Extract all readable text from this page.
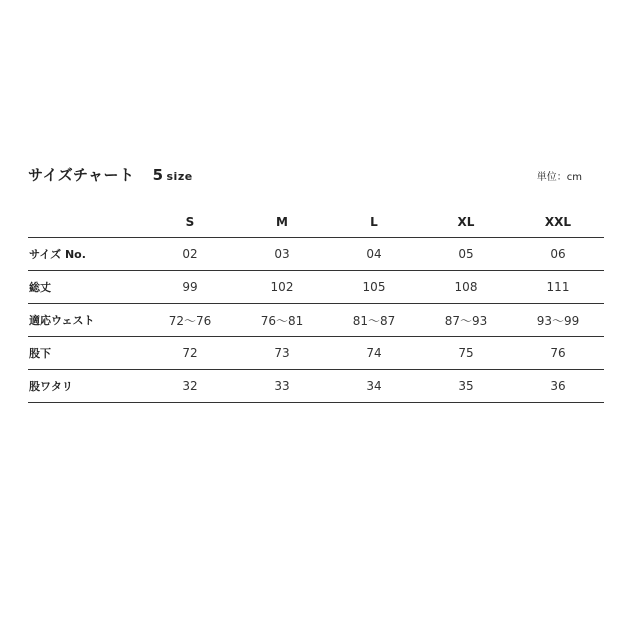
サイズチャート 5 size	単位：cm
	S	M	L	XL	XXL
サイズ No.	02	03	04	05	06
総丈	99	102	105	108	111
適応ウェスト	72～76	76～81	81～87	87～93	93～99
股下	72	73	74	75	76
股ワタリ	32	33	34	35	36
